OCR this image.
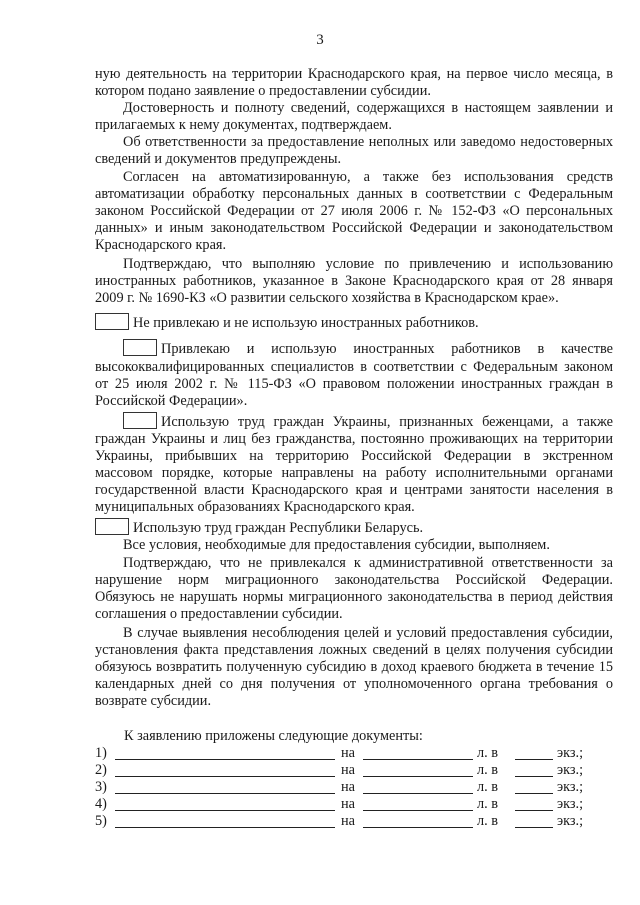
3

ную деятельность на территории Краснодарского края, на первое число месяца, в котором подано заявление о предоставлении субсидии.

Достоверность и полноту сведений, содержащихся в настоящем заявлении и прилагаемых к нему документах, подтверждаем.

Об ответственности за предоставление неполных или заведомо недостоверных сведений и документов предупреждены.

Согласен на автоматизированную, а также без использования средств автоматизации обработку персональных данных в соответствии с Федеральным законом Российской Федерации от 27 июля 2006 г. № 152-ФЗ «О персональных данных» и иным законодательством Российской Федерации и законодательством Краснодарского края.

Подтверждаю, что выполняю условие по привлечению и использованию иностранных работников, указанное в Законе Краснодарского края от 28 января 2009 г. № 1690-КЗ «О развитии сельского хозяйства в Краснодарском крае».

Не привлекаю и не использую иностранных работников.

Привлекаю и использую иностранных работников в качестве высококвалифицированных специалистов в соответствии с Федеральным законом от 25 июля 2002 г. № 115-ФЗ «О правовом положении иностранных граждан в Российской Федерации».

Использую труд граждан Украины, признанных беженцами, а также граждан Украины и лиц без гражданства, постоянно проживающих на территории Украины, прибывших на территорию Российской Федерации в экстренном массовом порядке, которые направлены на работу исполнительными органами государственной власти Краснодарского края и центрами занятости населения в муниципальных образованиях Краснодарского края.

Использую труд граждан Республики Беларусь.

Все условия, необходимые для предоставления субсидии, выполняем.

Подтверждаю, что не привлекался к административной ответственности за нарушение норм миграционного законодательства Российской Федерации. Обязуюсь не нарушать нормы миграционного законодательства в период действия соглашения о предоставлении субсидии.

В случае выявления несоблюдения целей и условий предоставления субсидии, установления факта представления ложных сведений в целях получения субсидии обязуюсь возвратить полученную субсидию в доход краевого бюджета в течение 15 календарных дней со дня получения от уполномоченного органа требования о возврате субсидии.

К заявлению приложены следующие документы:
1)	на	л. в	экз.;
2)	на	л. в	экз.;
3)	на	л. в	экз.;
4)	на	л. в	экз.;
5)	на	л. в	экз.;
